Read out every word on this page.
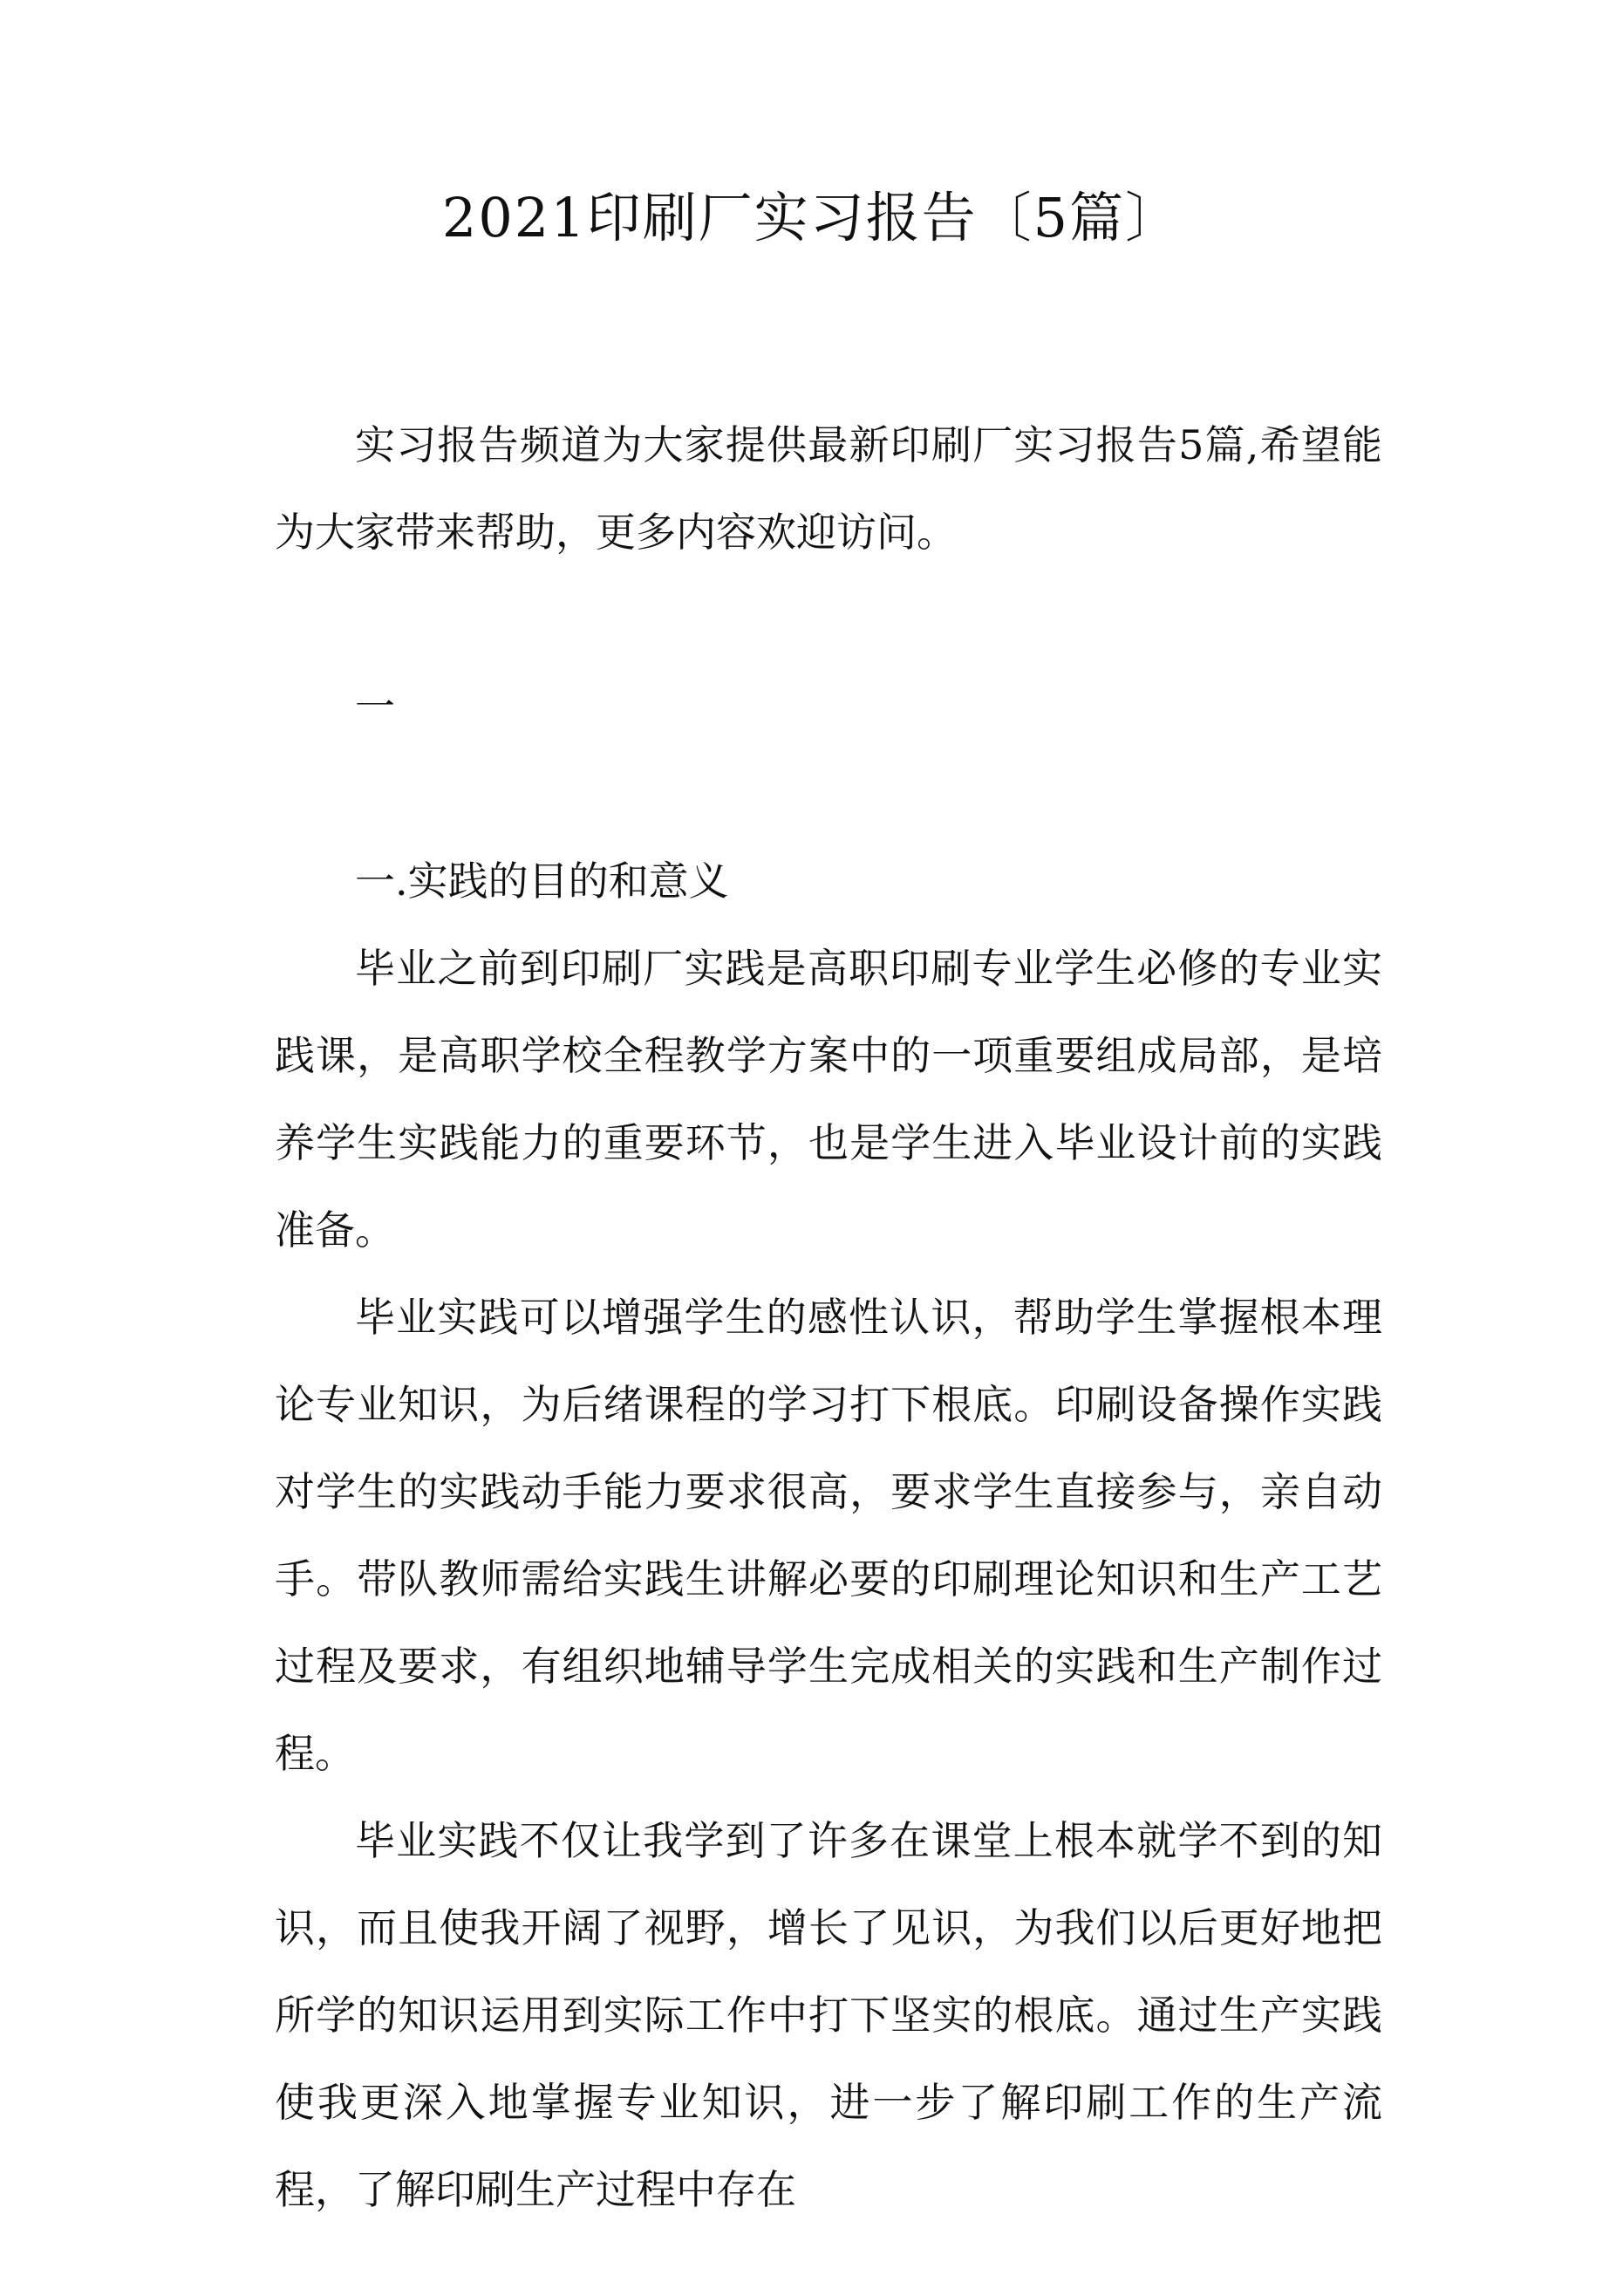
2021印刷厂实习报告〔5篇〕

实习报告频道为大家提供最新印刷厂实习报告5篇,希望能为大家带来帮助，更多内容欢迎访问。

一

一.实践的目的和意义

毕业之前到印刷厂实践是高职印刷专业学生必修的专业实践课，是高职学校全程教学方案中的一项重要组成局部，是培养学生实践能力的重要环节，也是学生进入毕业设计前的实践准备。

毕业实践可以增强学生的感性认识，帮助学生掌握根本理论专业知识，为后绪课程的学习打下根底。印刷设备操作实践对学生的实践动手能力要求很高，要求学生直接参与，亲自动手。带队教师需给实践生讲解必要的印刷理论知识和生产工艺过程及要求，有组织地辅导学生完成相关的实践和生产制作过程。

毕业实践不仅让我学到了许多在课堂上根本就学不到的知识，而且使我开阔了视野，增长了见识，为我们以后更好地把所学的知识运用到实际工作中打下坚实的根底。通过生产实践使我更深入地掌握专业知识，进一步了解印刷工作的生产流程，了解印刷生产过程中存在
